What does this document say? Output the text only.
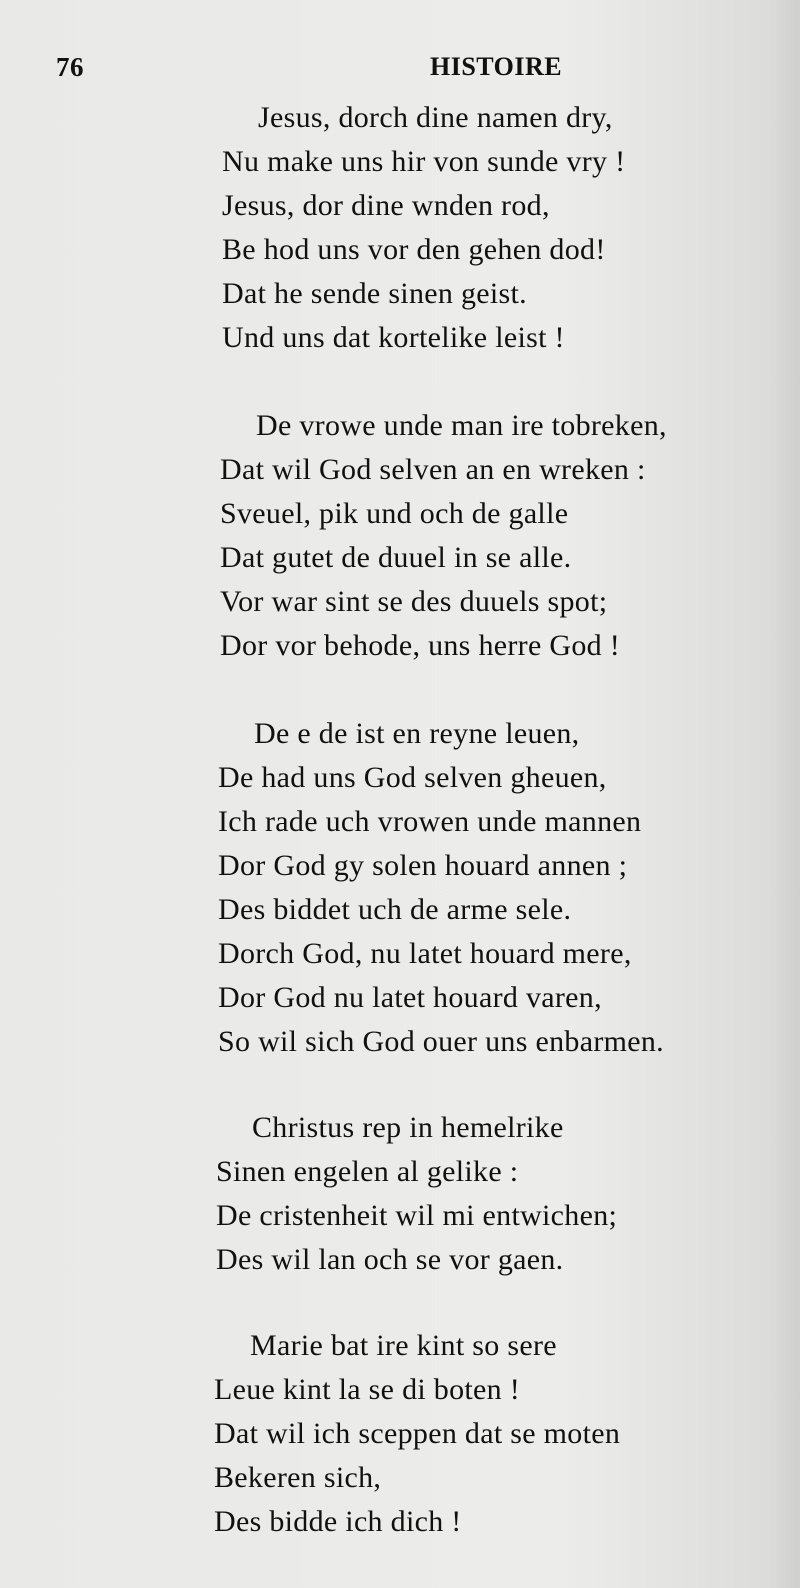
76	HISTOIRE
Jesus, dorch dine namen dry,
Nu make uns hir von sunde vry !
Jesus, dor dine wnden rod,
Be hod uns vor den gehen dod!
Dat he sende sinen geist.
Und uns dat kortelike leist !
De vrowe unde man ire tobreken,
Dat wil God selven an en wreken :
Sveuel, pik und och de galle
Dat gutet de duuel in se alle.
Vor war sint se des duuels spot;
Dor vor behode, uns herre God !
De e de ist en reyne leuen,
De had uns God selven gheuen,
Ich rade uch vrowen unde mannen
Dor God gy solen houard annen ;
Des biddet uch de arme sele.
Dorch God, nu latet houard mere,
Dor God nu latet houard varen,
So wil sich God ouer uns enbarmen.
Christus rep in hemelrike
Sinen engelen al gelike :
De cristenheit wil mi entwichen;
Des wil lan och se vor gaen.
Marie bat ire kint so sere
Leue kint la se di boten !
Dat wil ich sceppen dat se moten
Bekeren sich,
Des bidde ich dich !
